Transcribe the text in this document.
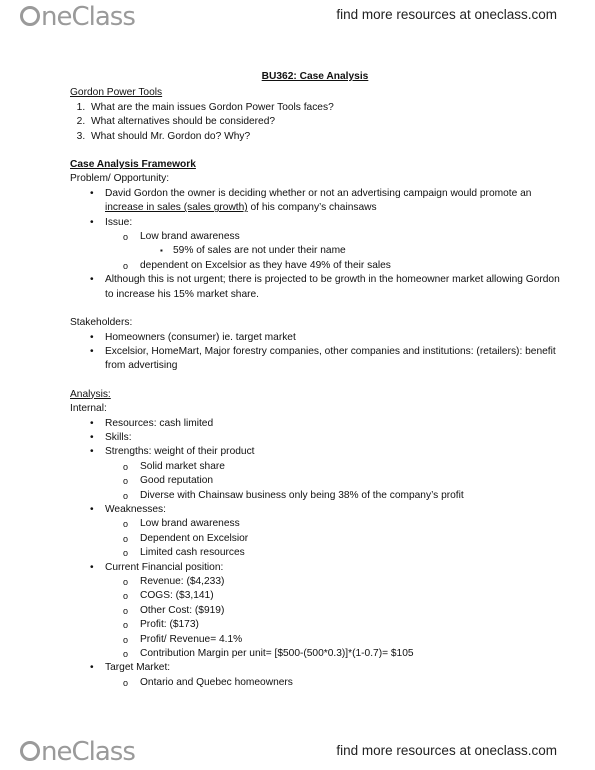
neClass	find more resources at oneclass.com
BU362: Case Analysis
Gordon Power Tools
1. What are the main issues Gordon Power Tools faces?
2. What alternatives should be considered?
3. What should Mr. Gordon do? Why?
Case Analysis Framework
Problem/ Opportunity:
• David Gordon the owner is deciding whether or not an advertising campaign would promote an increase in sales (sales growth) of his company’s chainsaws
• Issue:
o Low brand awareness
▪ 59% of sales are not under their name
o dependent on Excelsior as they have 49% of their sales
• Although this is not urgent; there is projected to be growth in the homeowner market allowing Gordon to increase his 15% market share.
Stakeholders:
• Homeowners (consumer) ie. target market
• Excelsior, HomeMart, Major forestry companies, other companies and institutions: (retailers): benefit from advertising
Analysis:
Internal:
• Resources: cash limited
• Skills:
• Strengths: weight of their product
o Solid market share
o Good reputation
o Diverse with Chainsaw business only being 38% of the company’s profit
• Weaknesses:
o Low brand awareness
o Dependent on Excelsior
o Limited cash resources
• Current Financial position:
o Revenue: ($4,233)
o COGS: ($3,141)
o Other Cost: ($919)
o Profit: ($173)
o Profit/ Revenue= 4.1%
o Contribution Margin per unit= [$500-(500*0.3)]*(1-0.7)= $105
• Target Market:
o Ontario and Quebec homeowners
neClass	find more resources at oneclass.com
